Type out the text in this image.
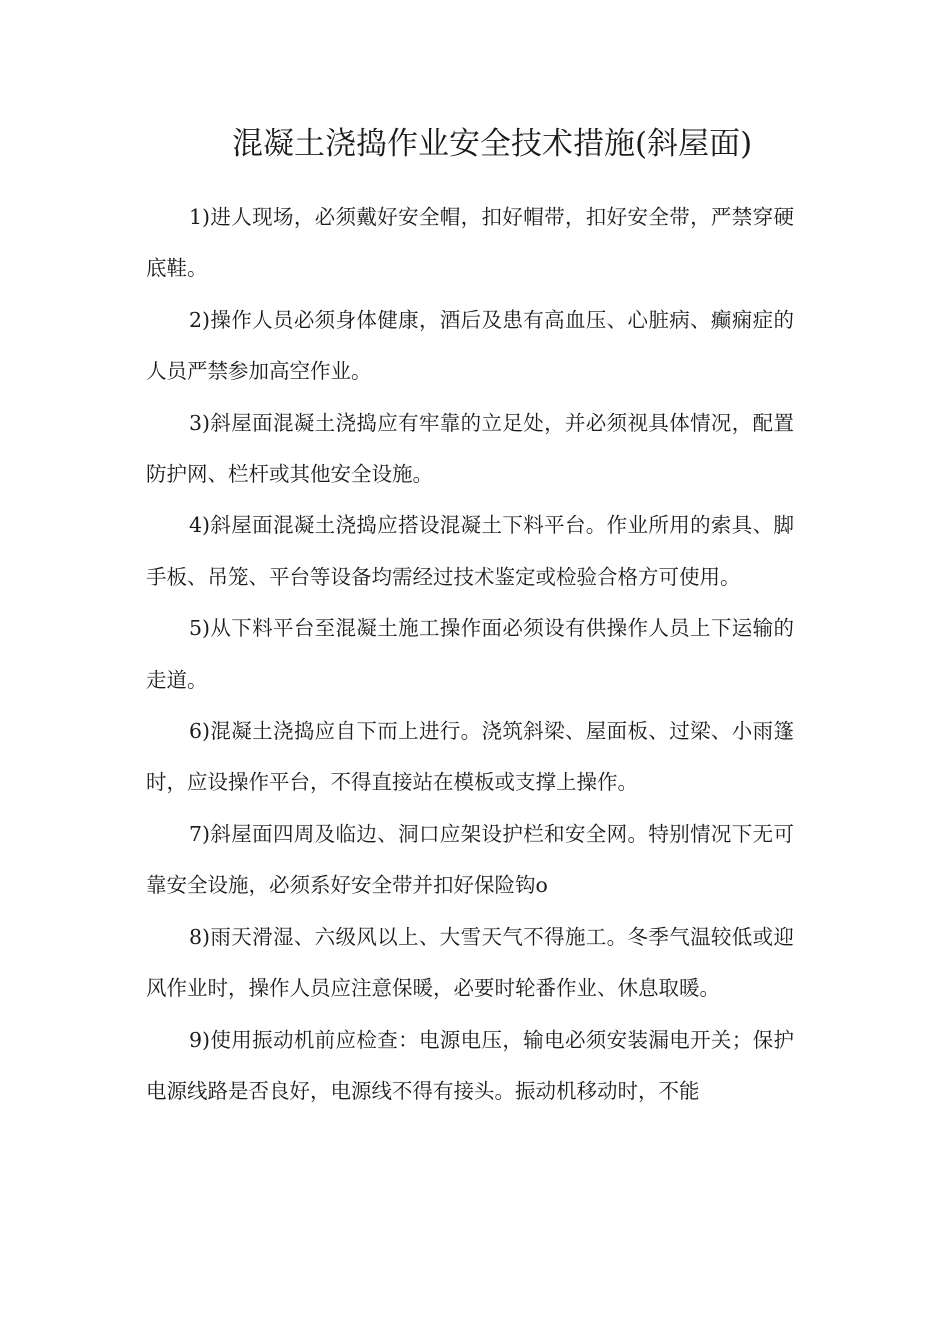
混凝土浇捣作业安全技术措施(斜屋面)

1)进人现场，必须戴好安全帽，扣好帽带，扣好安全带，严禁穿硬底鞋。

2)操作人员必须身体健康，酒后及患有高血压、心脏病、癫痫症的人员严禁参加高空作业。

3)斜屋面混凝土浇捣应有牢靠的立足处，并必须视具体情况，配置防护网、栏杆或其他安全设施。

4)斜屋面混凝土浇捣应搭设混凝土下料平台。作业所用的索具、脚手板、吊笼、平台等设备均需经过技术鉴定或检验合格方可使用。

5)从下料平台至混凝土施工操作面必须设有供操作人员上下运输的走道。

6)混凝土浇捣应自下而上进行。浇筑斜梁、屋面板、过梁、小雨篷时，应设操作平台，不得直接站在模板或支撑上操作。

7)斜屋面四周及临边、洞口应架设护栏和安全网。特别情况下无可靠安全设施，必须系好安全带并扣好保险钩o

8)雨天滑湿、六级风以上、大雪天气不得施工。冬季气温较低或迎风作业时，操作人员应注意保暖，必要时轮番作业、休息取暖。

9)使用振动机前应检查：电源电压，输电必须安装漏电开关；保护电源线路是否良好，电源线不得有接头。振动机移动时，不能
